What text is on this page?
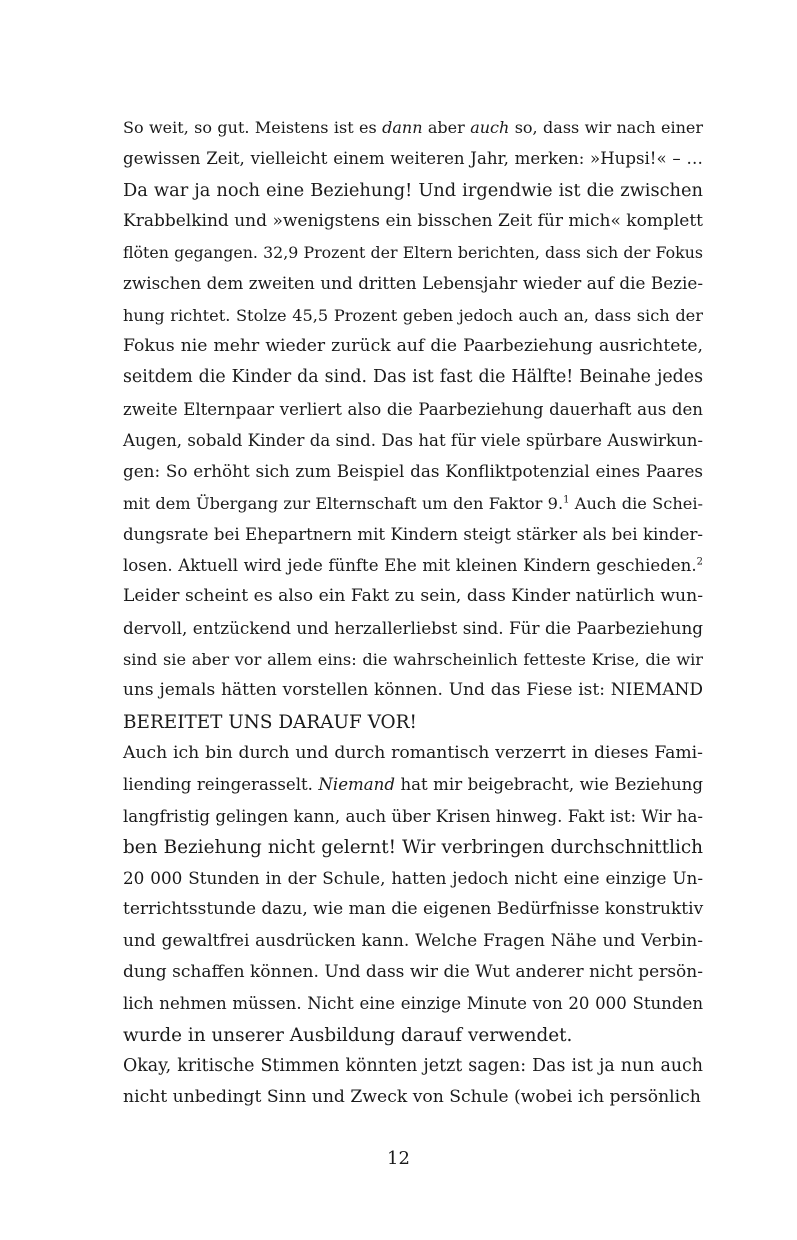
So weit, so gut. Meistens ist es dann aber auch so, dass wir nach einer
gewissen Zeit, vielleicht einem weiteren Jahr, merken: »Hupsi!« – …
Da war ja noch eine Beziehung! Und irgendwie ist die zwischen
Krabbelkind und »wenigstens ein bisschen Zeit für mich« komplett
flöten gegangen. 32,9 Prozent der Eltern berichten, dass sich der Fokus
zwischen dem zweiten und dritten Lebensjahr wieder auf die Bezie-
hung richtet. Stolze 45,5 Prozent geben jedoch auch an, dass sich der
Fokus nie mehr wieder zurück auf die Paarbeziehung ausrichtete,
seitdem die Kinder da sind. Das ist fast die Hälfte! Beinahe jedes
zweite Elternpaar verliert also die Paarbeziehung dauerhaft aus den
Augen, sobald Kinder da sind. Das hat für viele spürbare Auswirkun-
gen: So erhöht sich zum Beispiel das Konfliktpotenzial eines Paares
mit dem Übergang zur Elternschaft um den Faktor 9.$^1$ Auch die Schei-
dungsrate bei Ehepartnern mit Kindern steigt stärker als bei kinder-
losen. Aktuell wird jede fünfte Ehe mit kleinen Kindern geschieden.$^2$
Leider scheint es also ein Fakt zu sein, dass Kinder natürlich wun-
dervoll, entzückend und herzallerliebst sind. Für die Paarbeziehung
sind sie aber vor allem eins: die wahrscheinlich fetteste Krise, die wir
uns jemals hätten vorstellen können. Und das Fiese ist: NIEMAND
BEREITET UNS DARAUF VOR!
Auch ich bin durch und durch romantisch verzerrt in dieses Fami-
liending reingerasselt. Niemand hat mir beigebracht, wie Beziehung
langfristig gelingen kann, auch über Krisen hinweg. Fakt ist: Wir ha-
ben Beziehung nicht gelernt! Wir verbringen durchschnittlich
20 000 Stunden in der Schule, hatten jedoch nicht eine einzige Un-
terrichtsstunde dazu, wie man die eigenen Bedürfnisse konstruktiv
und gewaltfrei ausdrücken kann. Welche Fragen Nähe und Verbin-
dung schaffen können. Und dass wir die Wut anderer nicht persön-
lich nehmen müssen. Nicht eine einzige Minute von 20 000 Stunden
wurde in unserer Ausbildung darauf verwendet.
Okay, kritische Stimmen könnten jetzt sagen: Das ist ja nun auch
nicht unbedingt Sinn und Zweck von Schule (wobei ich persönlich
12
